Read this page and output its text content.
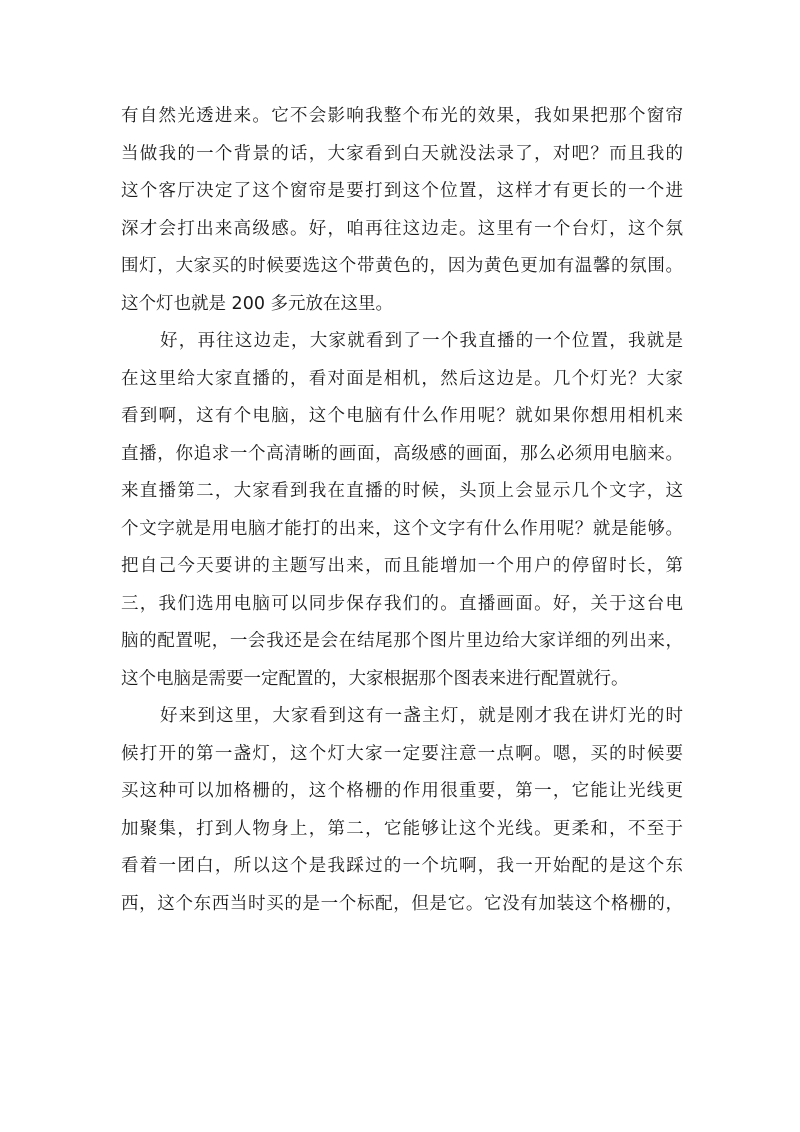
有自然光透进来。它不会影响我整个布光的效果，我如果把那个窗帘
当做我的一个背景的话，大家看到白天就没法录了，对吧？而且我的
这个客厅决定了这个窗帘是要打到这个位置，这样才有更长的一个进
深才会打出来高级感。好，咱再往这边走。这里有一个台灯，这个氛
围灯，大家买的时候要选这个带黄色的，因为黄色更加有温馨的氛围。
这个灯也就是 200 多元放在这里。
好，再往这边走，大家就看到了一个我直播的一个位置，我就是
在这里给大家直播的，看对面是相机，然后这边是。几个灯光？大家
看到啊，这有个电脑，这个电脑有什么作用呢？就如果你想用相机来
直播，你追求一个高清晰的画面，高级感的画面，那么必须用电脑来。
来直播第二，大家看到我在直播的时候，头顶上会显示几个文字，这
个文字就是用电脑才能打的出来，这个文字有什么作用呢？就是能够。
把自己今天要讲的主题写出来，而且能增加一个用户的停留时长，第
三，我们选用电脑可以同步保存我们的。直播画面。好，关于这台电
脑的配置呢，一会我还是会在结尾那个图片里边给大家详细的列出来，
这个电脑是需要一定配置的，大家根据那个图表来进行配置就行。
好来到这里，大家看到这有一盏主灯，就是刚才我在讲灯光的时
候打开的第一盏灯，这个灯大家一定要注意一点啊。嗯，买的时候要
买这种可以加格栅的，这个格栅的作用很重要，第一，它能让光线更
加聚集，打到人物身上，第二，它能够让这个光线。更柔和，不至于
看着一团白，所以这个是我踩过的一个坑啊，我一开始配的是这个东
西，这个东西当时买的是一个标配，但是它。它没有加装这个格栅的，
